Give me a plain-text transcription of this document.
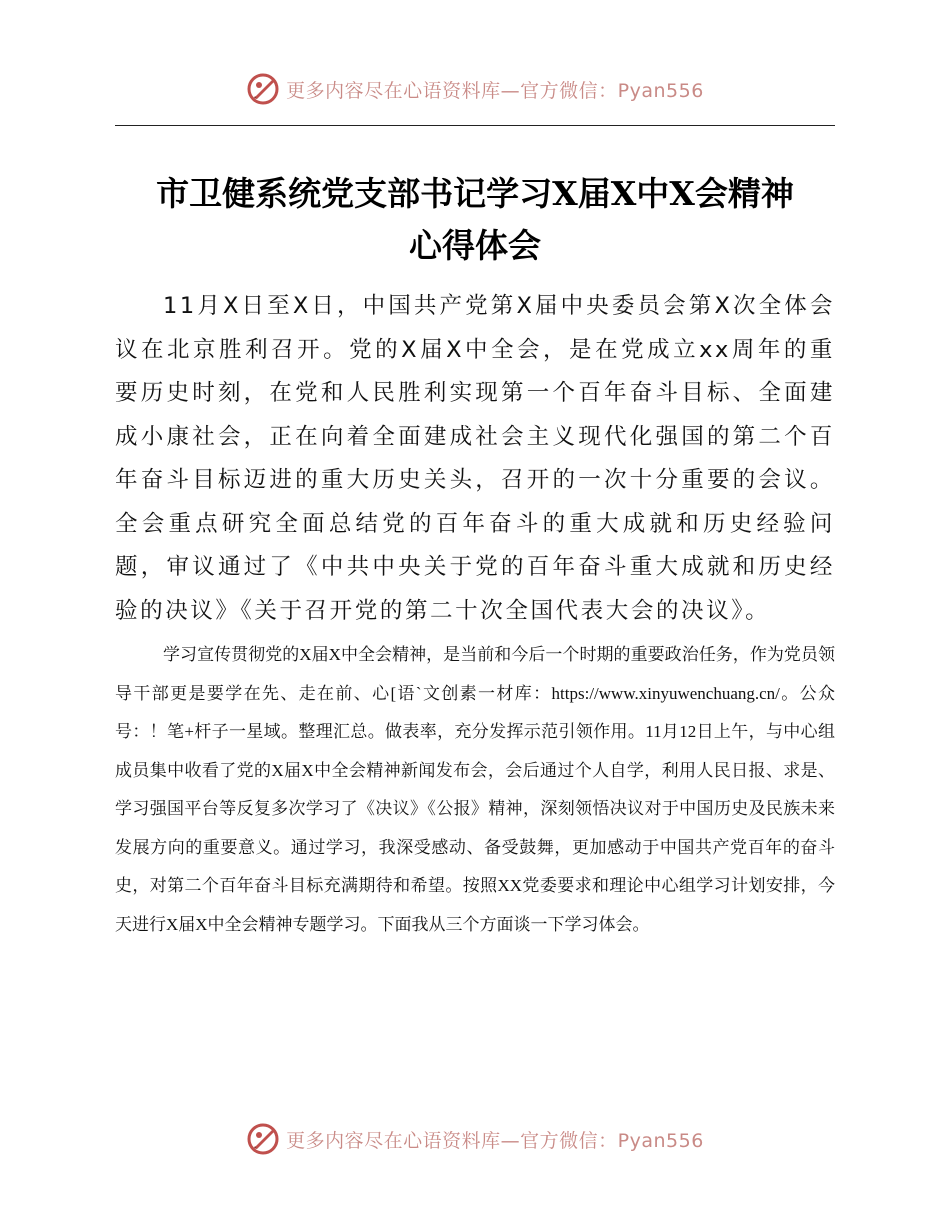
更多内容尽在心语资料库—官方微信：Pyan556
市卫健系统党支部书记学习X届X中X会精神
心得体会

11月X日至X日，中国共产党第X届中央委员会第X次全体会议在北京胜利召开。党的X届X中全会，是在党成立xx周年的重要历史时刻，在党和人民胜利实现第一个百年奋斗目标、全面建成小康社会，正在向着全面建成社会主义现代化强国的第二个百年奋斗目标迈进的重大历史关头，召开的一次十分重要的会议。全会重点研究全面总结党的百年奋斗的重大成就和历史经验问题，审议通过了《中共中央关于党的百年奋斗重大成就和历史经验的决议》《关于召开党的第二十次全国代表大会的决议》。

学习宣传贯彻党的X届X中全会精神，是当前和今后一个时期的重要政治任务，作为党员领导干部更是要学在先、走在前、心[语`文创素一材库：https://www.xinyuwenchuang.cn/。公众号：！笔+杆子一星域。整理汇总。做表率，充分发挥示范引领作用。11月12日上午，与中心组成员集中收看了党的X届X中全会精神新闻发布会，会后通过个人自学，利用人民日报、求是、学习强国平台等反复多次学习了《决议》《公报》精神，深刻领悟决议对于中国历史及民族未来发展方向的重要意义。通过学习，我深受感动、备受鼓舞，更加感动于中国共产党百年的奋斗史，对第二个百年奋斗目标充满期待和希望。按照XX党委要求和理论中心组学习计划安排，今天进行X届X中全会精神专题学习。下面我从三个方面谈一下学习体会。

更多内容尽在心语资料库—官方微信：Pyan556
